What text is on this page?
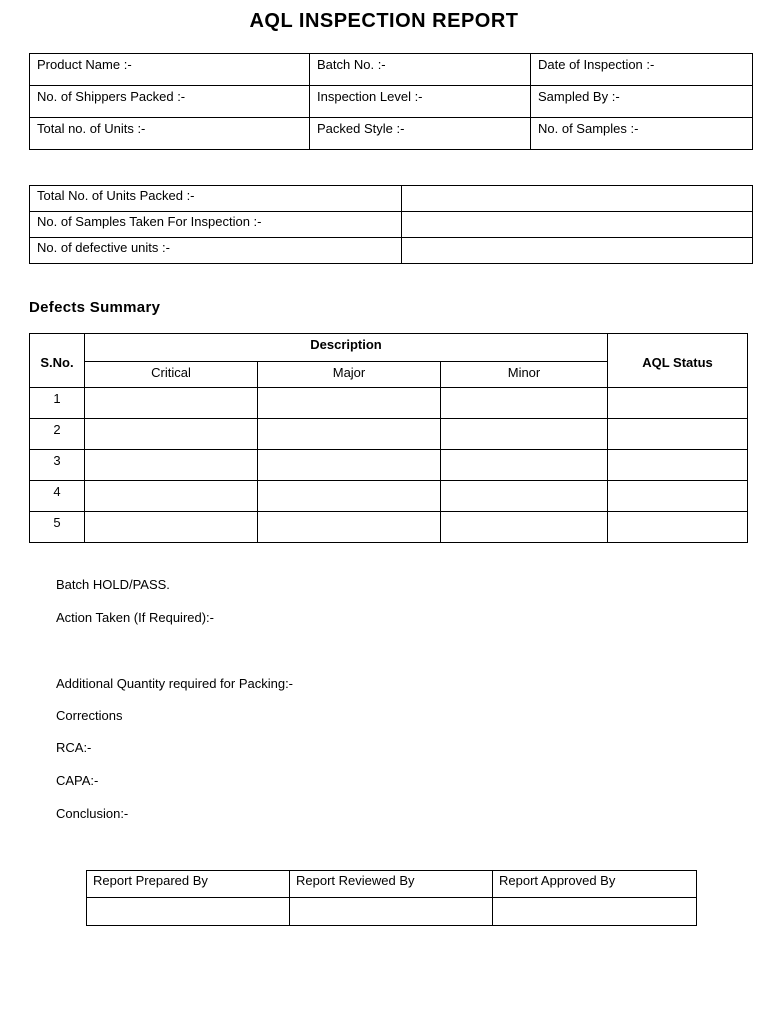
AQL INSPECTION REPORT
Product Name :-	Batch No. :-	Date of Inspection :-
No. of Shippers Packed :-	Inspection Level :-	Sampled By :-
Total no. of Units :-	Packed Style :-	No. of Samples :-
Total No. of Units Packed :-	
No. of Samples Taken For Inspection :-	
No. of defective units :-	
Defects Summary
S.No.	Description			AQL Status
	Critical	Major	Minor	
1				
2				
3				
4				
5				
Batch HOLD/PASS.
Action Taken (If Required):-
Additional Quantity required for Packing:-
Corrections
RCA:-
CAPA:-
Conclusion:-
Report Prepared By	Report Reviewed By	Report Approved By
